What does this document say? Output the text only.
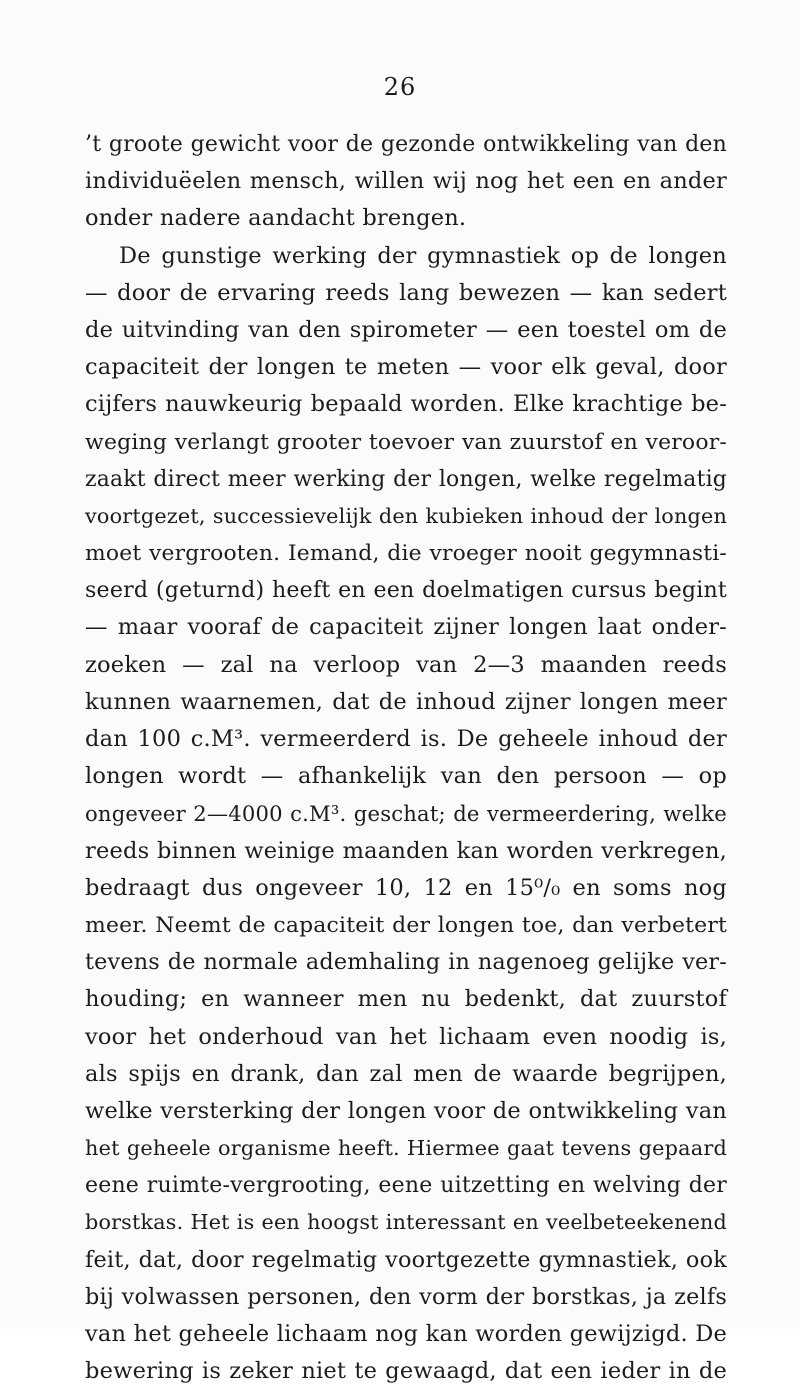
26
’t groote gewicht voor de gezonde ontwikkeling van den
individuëelen mensch, willen wij nog het een en ander
onder nadere aandacht brengen.
De gunstige werking der gymnastiek op de longen
— door de ervaring reeds lang bewezen — kan sedert
de uitvinding van den spirometer — een toestel om de
capaciteit der longen te meten — voor elk geval, door
cijfers nauwkeurig bepaald worden. Elke krachtige be-
weging verlangt grooter toevoer van zuurstof en veroor-
zaakt direct meer werking der longen, welke regelmatig
voortgezet, successievelijk den kubieken inhoud der longen
moet vergrooten. Iemand, die vroeger nooit gegymnasti-
seerd (geturnd) heeft en een doelmatigen cursus begint
— maar vooraf de capaciteit zijner longen laat onder-
zoeken — zal na verloop van 2—3 maanden reeds
kunnen waarnemen, dat de inhoud zijner longen meer
dan 100 c.M³. vermeerderd is. De geheele inhoud der
longen wordt — afhankelijk van den persoon — op
ongeveer 2—4000 c.M³. geschat; de vermeerdering, welke
reeds binnen weinige maanden kan worden verkregen,
bedraagt dus ongeveer 10, 12 en 15⁰/₀ en soms nog
meer. Neemt de capaciteit der longen toe, dan verbetert
tevens de normale ademhaling in nagenoeg gelijke ver-
houding; en wanneer men nu bedenkt, dat zuurstof
voor het onderhoud van het lichaam even noodig is,
als spijs en drank, dan zal men de waarde begrijpen,
welke versterking der longen voor de ontwikkeling van
het geheele organisme heeft. Hiermee gaat tevens gepaard
eene ruimte-vergrooting, eene uitzetting en welving der
borstkas. Het is een hoogst interessant en veelbeteekenend
feit, dat, door regelmatig voortgezette gymnastiek, ook
bij volwassen personen, den vorm der borstkas, ja zelfs
van het geheele lichaam nog kan worden gewijzigd. De
bewering is zeker niet te gewaagd, dat een ieder in de
